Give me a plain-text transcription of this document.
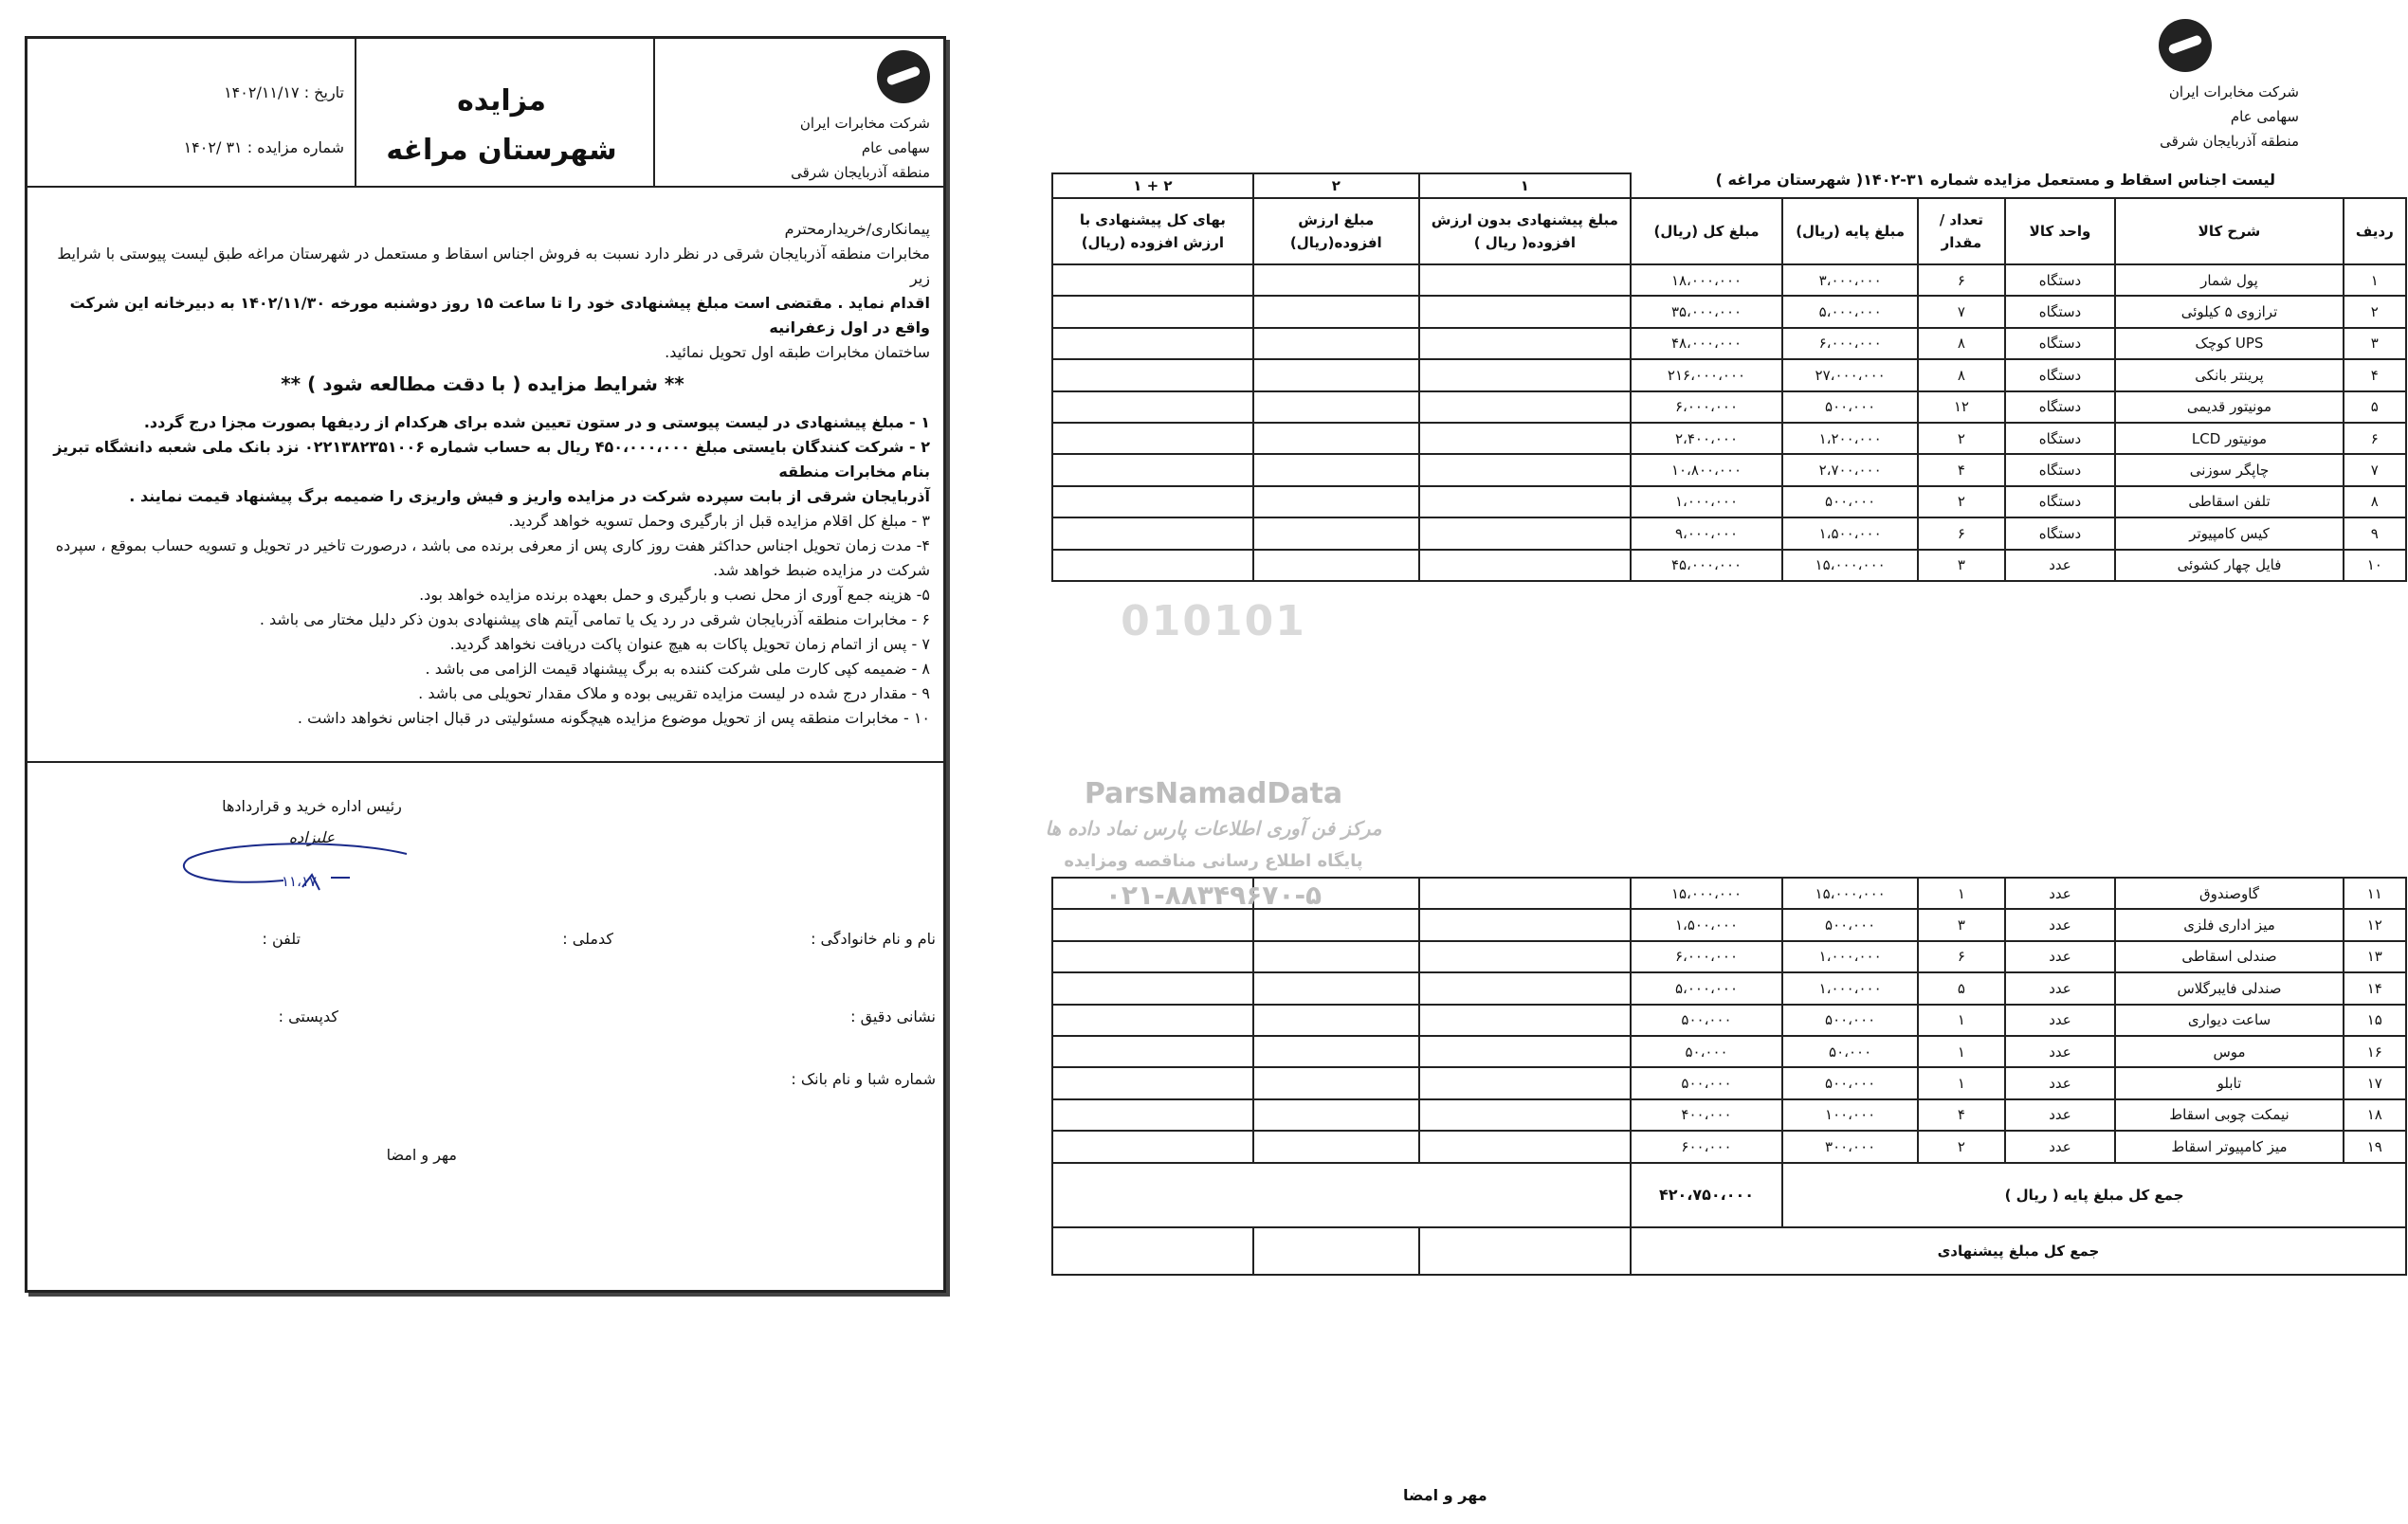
شرکت مخابرات ایران
سهامی عام
منطقه آذربایجان شرقی
مزایده
شهرستان مراغه
تاریخ : ۱۴۰۲/۱۱/۱۷
شماره مزایده : ۳۱ /۱۴۰۲
پیمانکاری/خریدارمحترم
مخابرات منطقه آذربایجان شرقی در نظر دارد نسبت به فروش اجناس اسقاط و مستعمل در شهرستان مراغه طبق لیست پیوستی با شرایط زیر
اقدام نماید . مقتضی است مبلغ پیشنهادی خود را تا ساعت ۱۵ روز دوشنبه مورخه ۱۴۰۲/۱۱/۳۰ به دبیرخانه این شرکت واقع در اول زعفرانیه
ساختمان مخابرات طبقه اول تحویل نمائید.
** شرایط مزایده ( با دقت مطالعه شود ) **
۱ - مبلغ پیشنهادی در لیست پیوستی و در ستون تعیین شده برای هرکدام از ردیفها بصورت مجزا درج گردد.
۲ - شرکت کنندگان بایستی مبلغ ۴۵۰،۰۰۰،۰۰۰ ریال به حساب شماره ۰۲۲۱۳۸۲۳۵۱۰۰۶ نزد بانک ملی شعبه دانشگاه تبریز بنام مخابرات منطقه
آذربایجان شرقی از بابت سپرده شرکت در مزایده واریز و فیش واریزی را ضمیمه برگ پیشنهاد قیمت نمایند .
۳ - مبلغ کل اقلام مزایده قبل از بارگیری وحمل تسویه خواهد گردید.
۴- مدت زمان تحویل اجناس حداکثر هفت روز کاری پس از معرفی برنده می باشد ، درصورت تاخیر در تحویل و تسویه حساب بموقع ، سپرده
شرکت در مزایده ضبط خواهد شد.
۵- هزینه جمع آوری از محل نصب و بارگیری و حمل بعهده برنده مزایده خواهد بود.
۶ - مخابرات منطقه آذربایجان شرقی در رد یک یا تمامی آیتم های پیشنهادی بدون ذکر دلیل مختار می باشد .
۷ - پس از اتمام زمان تحویل پاکات به هیچ عنوان پاکت دریافت نخواهد گردید.
۸ - ضمیمه کپی کارت ملی شرکت کننده به برگ پیشنهاد قیمت الزامی می باشد .
۹ - مقدار درج شده در لیست مزایده تقریبی بوده و ملاک مقدار تحویلی می باشد .
۱۰ - مخابرات منطقه پس از تحویل موضوع مزایده هیچگونه مسئولیتی در قبال اجناس نخواهد داشت .
رئیس اداره خرید و قراردادها
علیزاده
۱۱،۱۷
نام و نام خانوادگی :
کدملی :
تلفن :
نشانی دقیق :
کدپستی :
شماره شبا و نام بانک :
مهر و امضا
شرکت مخابرات ایران
سهامی عام
منطقه آذربایجان شرقی
لیست اجناس اسقاط و مستعمل مزایده شماره ۳۱-۱۴۰۲( شهرستان مراغه )
						۱	۲	۲ + ۱
ردیف	شرح کالا	واحد کالا	تعداد / مقدار	مبلغ پایه (ریال)	مبلغ کل (ریال)	مبلغ پیشنهادی بدون ارزش افزوده( ریال )	مبلغ ارزش افزوده(ریال)	بهای کل پیشنهادی با ارزش افزوده (ریال)
۱	پول شمار	دستگاه	۶	۳،۰۰۰،۰۰۰	۱۸،۰۰۰،۰۰۰			
۲	ترازوی ۵ کیلوئی	دستگاه	۷	۵،۰۰۰،۰۰۰	۳۵،۰۰۰،۰۰۰			
۳	UPS کوچک	دستگاه	۸	۶،۰۰۰،۰۰۰	۴۸،۰۰۰،۰۰۰			
۴	پرینتر بانکی	دستگاه	۸	۲۷،۰۰۰،۰۰۰	۲۱۶،۰۰۰،۰۰۰			
۵	مونیتور قدیمی	دستگاه	۱۲	۵۰۰،۰۰۰	۶،۰۰۰،۰۰۰			
۶	مونیتور LCD	دستگاه	۲	۱،۲۰۰،۰۰۰	۲،۴۰۰،۰۰۰			
۷	چاپگر سوزنی	دستگاه	۴	۲،۷۰۰،۰۰۰	۱۰،۸۰۰،۰۰۰			
۸	تلفن اسقاطی	دستگاه	۲	۵۰۰،۰۰۰	۱،۰۰۰،۰۰۰			
۹	کیس کامپیوتر	دستگاه	۶	۱،۵۰۰،۰۰۰	۹،۰۰۰،۰۰۰			
۱۰	فایل چهار کشوئی	عدد	۳	۱۵،۰۰۰،۰۰۰	۴۵،۰۰۰،۰۰۰			
۱۱	گاوصندوق	عدد	۱	۱۵،۰۰۰،۰۰۰	۱۵،۰۰۰،۰۰۰			
۱۲	میز اداری فلزی	عدد	۳	۵۰۰،۰۰۰	۱،۵۰۰،۰۰۰			
۱۳	صندلی اسقاطی	عدد	۶	۱،۰۰۰،۰۰۰	۶،۰۰۰،۰۰۰			
۱۴	صندلی فایبرگلاس	عدد	۵	۱،۰۰۰،۰۰۰	۵،۰۰۰،۰۰۰			
۱۵	ساعت دیواری	عدد	۱	۵۰۰،۰۰۰	۵۰۰،۰۰۰			
۱۶	موس	عدد	۱	۵۰،۰۰۰	۵۰،۰۰۰			
۱۷	تابلو	عدد	۱	۵۰۰،۰۰۰	۵۰۰،۰۰۰			
۱۸	نیمکت چوبی اسقاط	عدد	۴	۱۰۰،۰۰۰	۴۰۰،۰۰۰			
۱۹	میز کامپیوتر اسقاط	عدد	۲	۳۰۰،۰۰۰	۶۰۰،۰۰۰			
جمع کل مبلغ پایه ( ریال )					۴۲۰،۷۵۰،۰۰۰			
جمع کل مبلغ پیشنهادی								
مهر و امضا
010101
ParsNamadData
مرکز فن آوری اطلاعات پارس نماد داده ها
پایگاه اطلاع رسانی مناقصه ومزایده
۰۲۱-۸۸۳۴۹۶۷۰-۵
